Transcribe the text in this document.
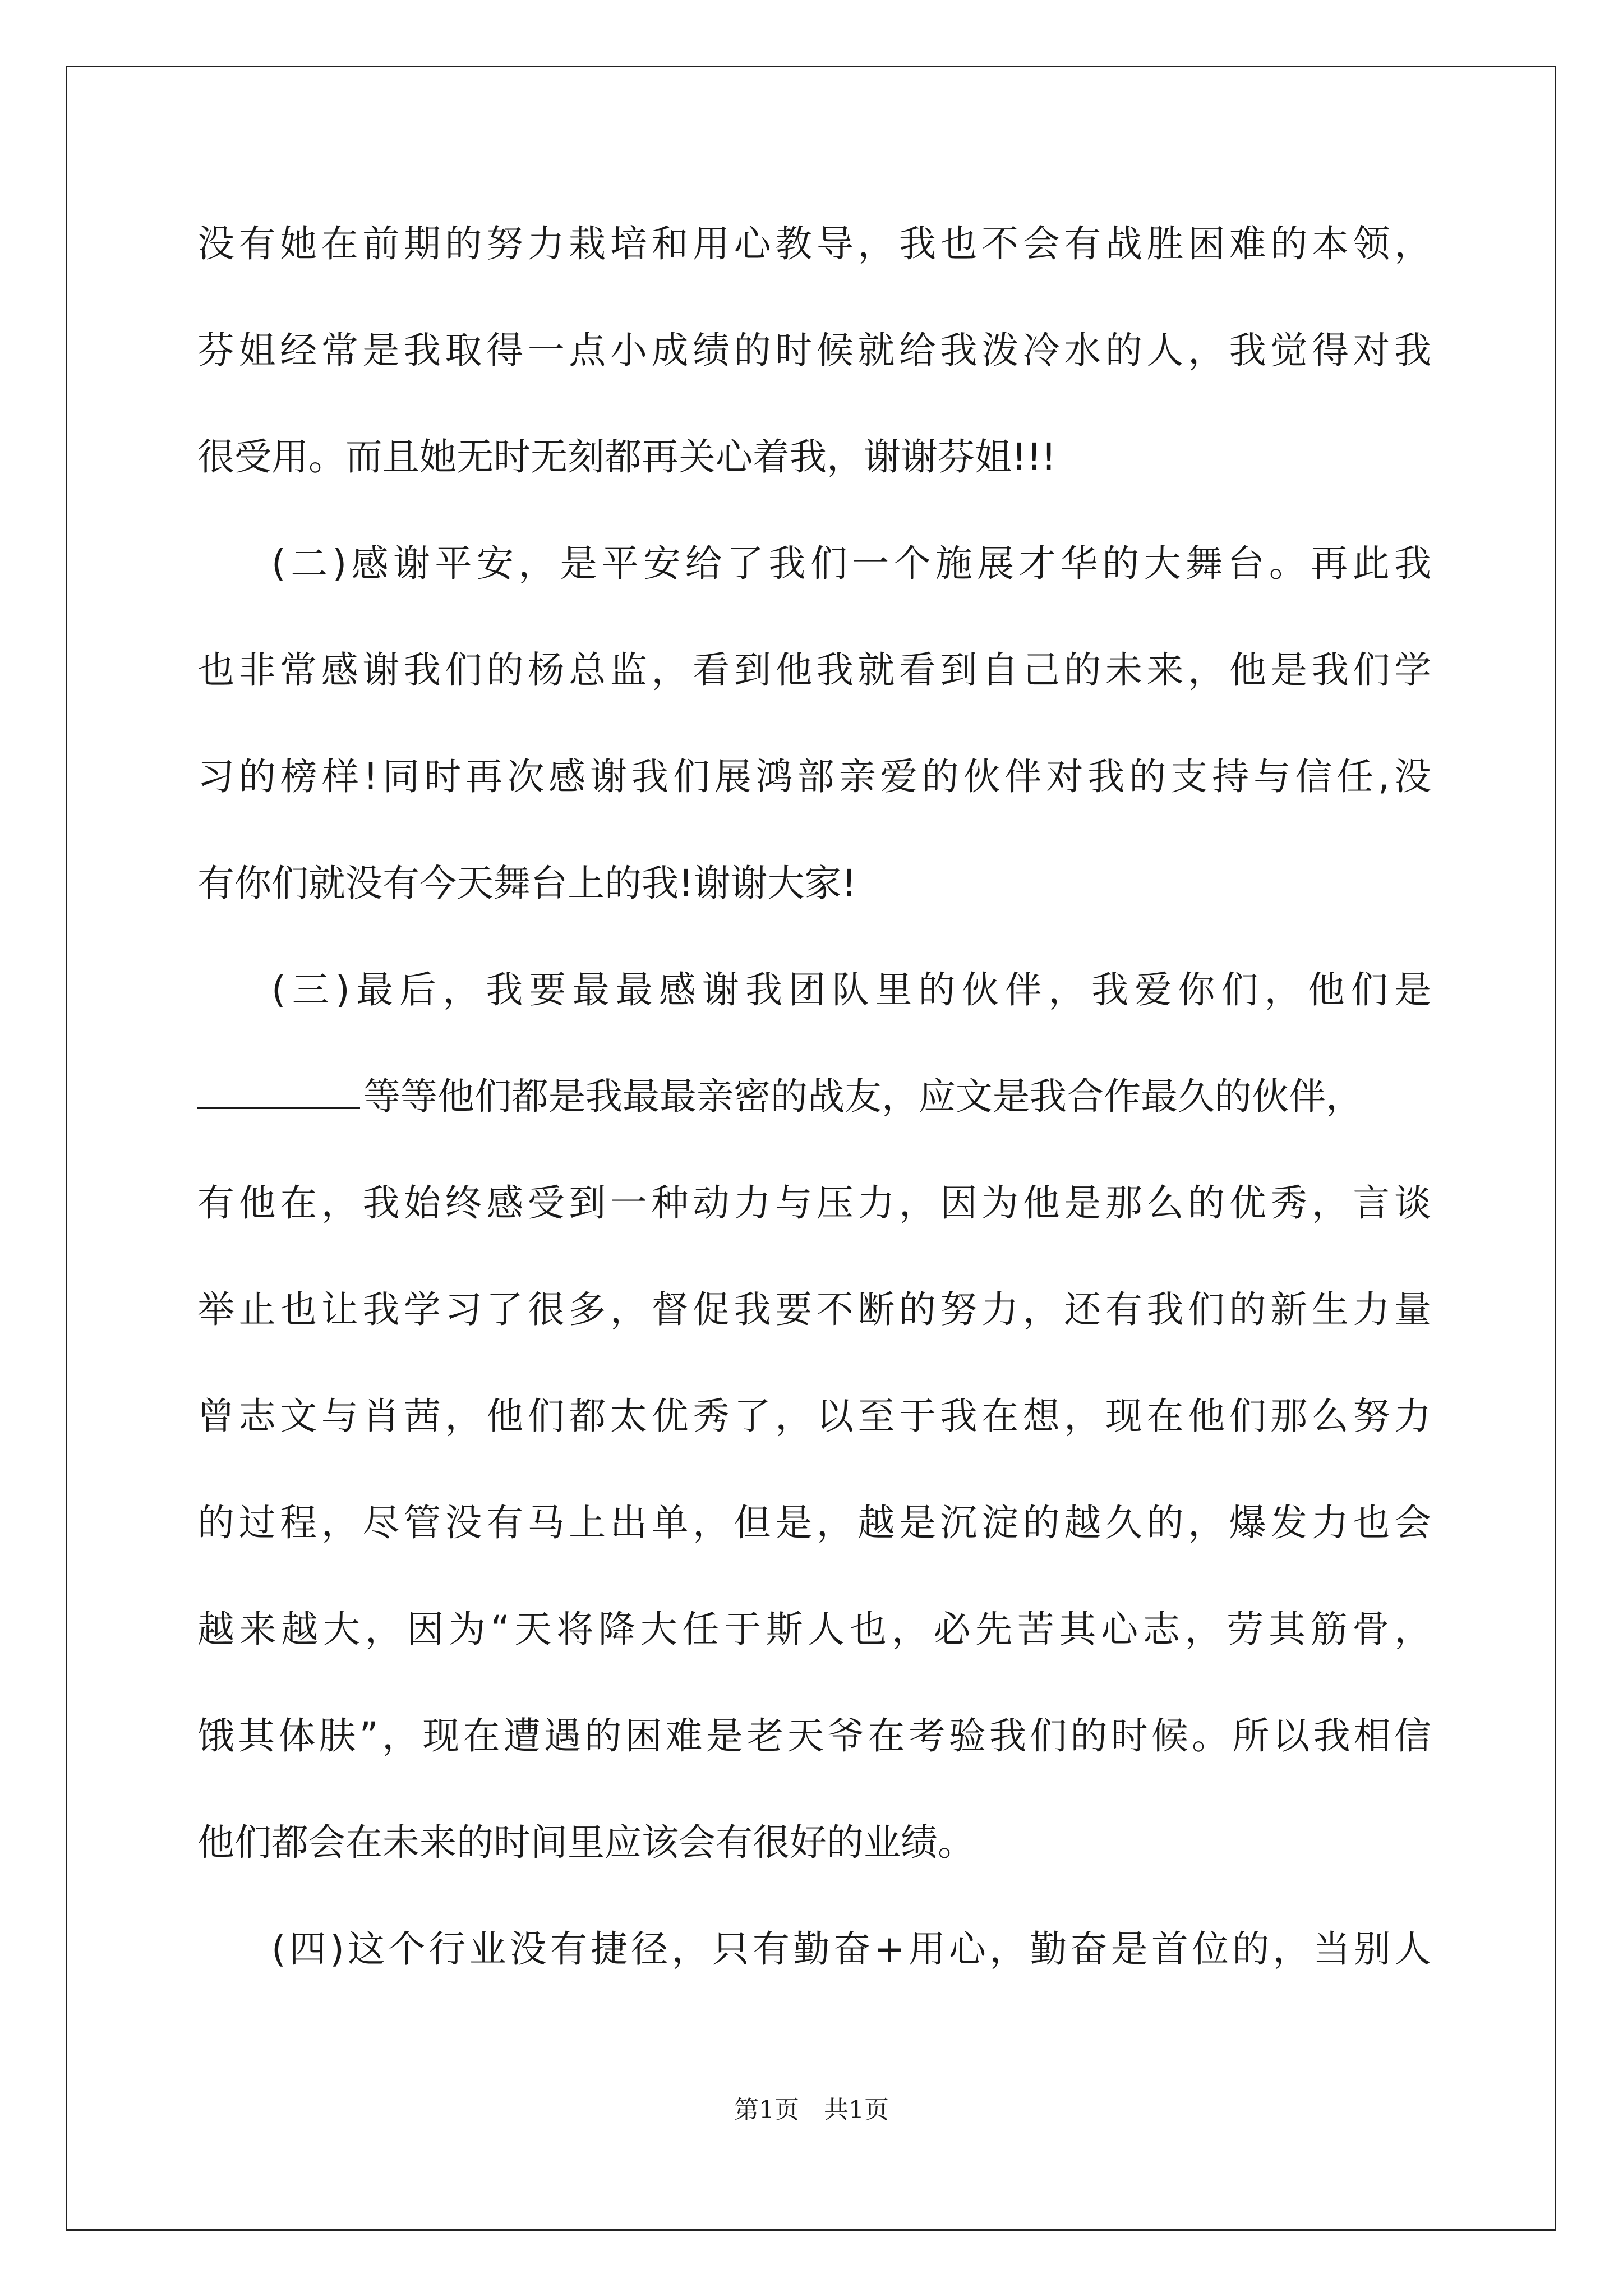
没有她在前期的努力栽培和用心教导，我也不会有战胜困难的本领，
芬姐经常是我取得一点小成绩的时候就给我泼冷水的人，我觉得对我
很受用。而且她无时无刻都再关心着我，谢谢芬姐!!!
(二)感谢平安，是平安给了我们一个施展才华的大舞台。再此我
也非常感谢我们的杨总监，看到他我就看到自己的未来，他是我们学
习的榜样!同时再次感谢我们展鸿部亲爱的伙伴对我的支持与信任,没
有你们就没有今天舞台上的我!谢谢大家!
(三)最后，我要最最感谢我团队里的伙伴，我爱你们，他们是
等等他们都是我最最亲密的战友，应文是我合作最久的伙伴，
有他在，我始终感受到一种动力与压力，因为他是那么的优秀，言谈
举止也让我学习了很多，督促我要不断的努力，还有我们的新生力量
曾志文与肖茜，他们都太优秀了，以至于我在想，现在他们那么努力
的过程，尽管没有马上出单，但是，越是沉淀的越久的，爆发力也会
越来越大，因为“天将降大任于斯人也，必先苦其心志，劳其筋骨，
饿其体肤”，现在遭遇的困难是老天爷在考验我们的时候。所以我相信
他们都会在未来的时间里应该会有很好的业绩。
(四)这个行业没有捷径，只有勤奋+用心，勤奋是首位的，当别人
第1页　共1页
